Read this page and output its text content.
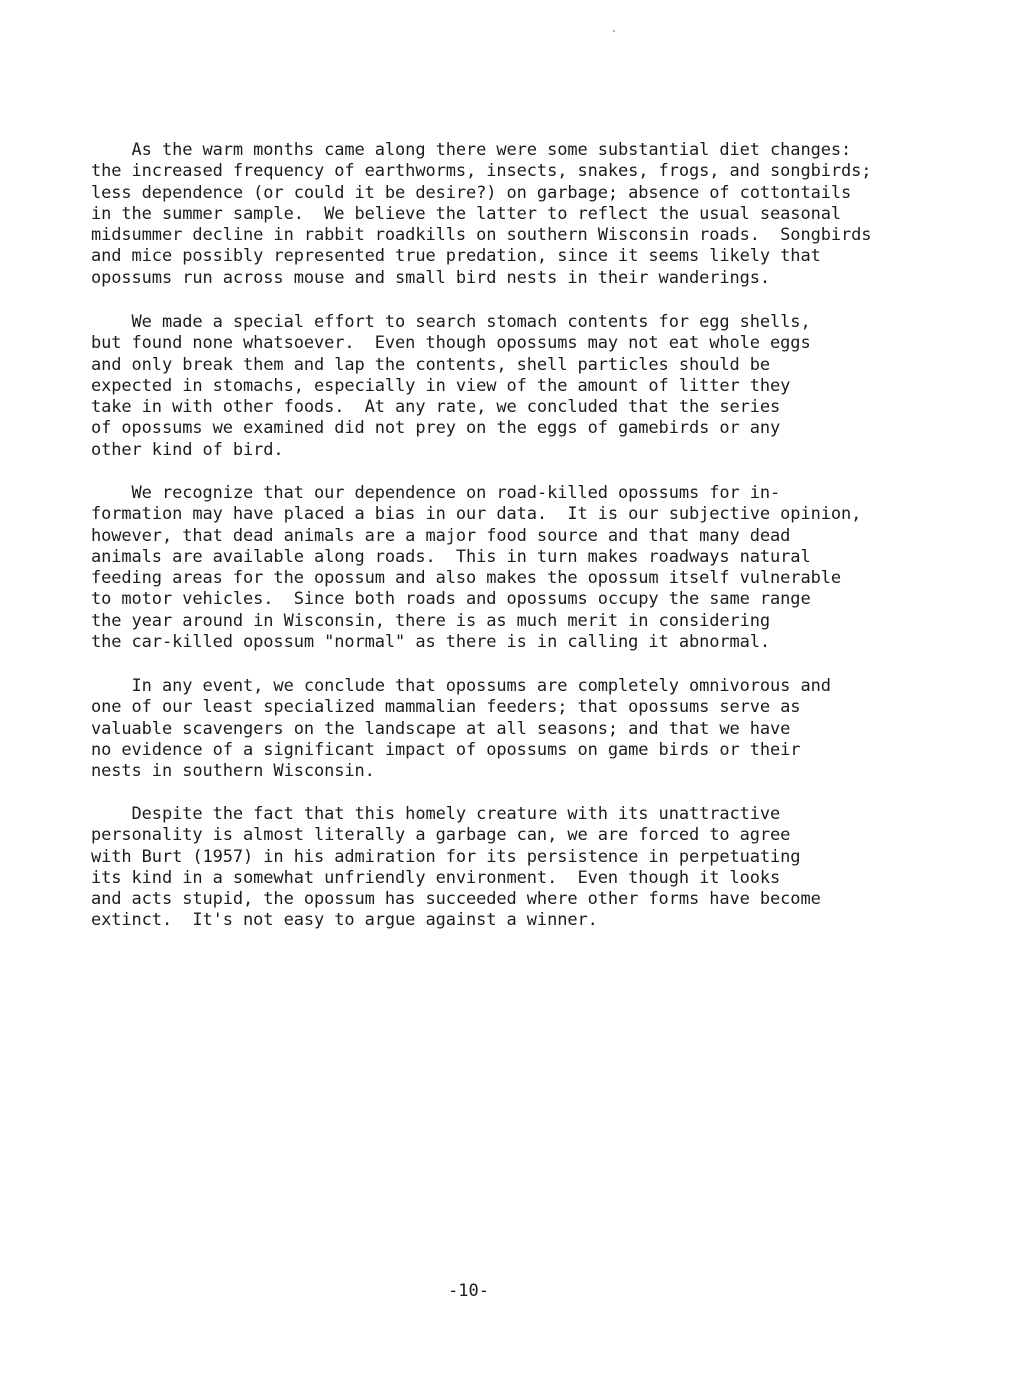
As the warm months came along there were some substantial diet changes:
the increased frequency of earthworms, insects, snakes, frogs, and songbirds;
less dependence (or could it be desire?) on garbage; absence of cottontails
in the summer sample.  We believe the latter to reflect the usual seasonal
midsummer decline in rabbit roadkills on southern Wisconsin roads.  Songbirds
and mice possibly represented true predation, since it seems likely that
opossums run across mouse and small bird nests in their wanderings.

We made a special effort to search stomach contents for egg shells,
but found none whatsoever.  Even though opossums may not eat whole eggs
and only break them and lap the contents, shell particles should be
expected in stomachs, especially in view of the amount of litter they
take in with other foods.  At any rate, we concluded that the series
of opossums we examined did not prey on the eggs of gamebirds or any
other kind of bird.

We recognize that our dependence on road-killed opossums for in-
formation may have placed a bias in our data.  It is our subjective opinion,
however, that dead animals are a major food source and that many dead
animals are available along roads.  This in turn makes roadways natural
feeding areas for the opossum and also makes the opossum itself vulnerable
to motor vehicles.  Since both roads and opossums occupy the same range
the year around in Wisconsin, there is as much merit in considering
the car-killed opossum "normal" as there is in calling it abnormal.

In any event, we conclude that opossums are completely omnivorous and
one of our least specialized mammalian feeders; that opossums serve as
valuable scavengers on the landscape at all seasons; and that we have
no evidence of a significant impact of opossums on game birds or their
nests in southern Wisconsin.

Despite the fact that this homely creature with its unattractive
personality is almost literally a garbage can, we are forced to agree
with Burt (1957) in his admiration for its persistence in perpetuating
its kind in a somewhat unfriendly environment.  Even though it looks
and acts stupid, the opossum has succeeded where other forms have become
extinct.  It's not easy to argue against a winner.

-10-
